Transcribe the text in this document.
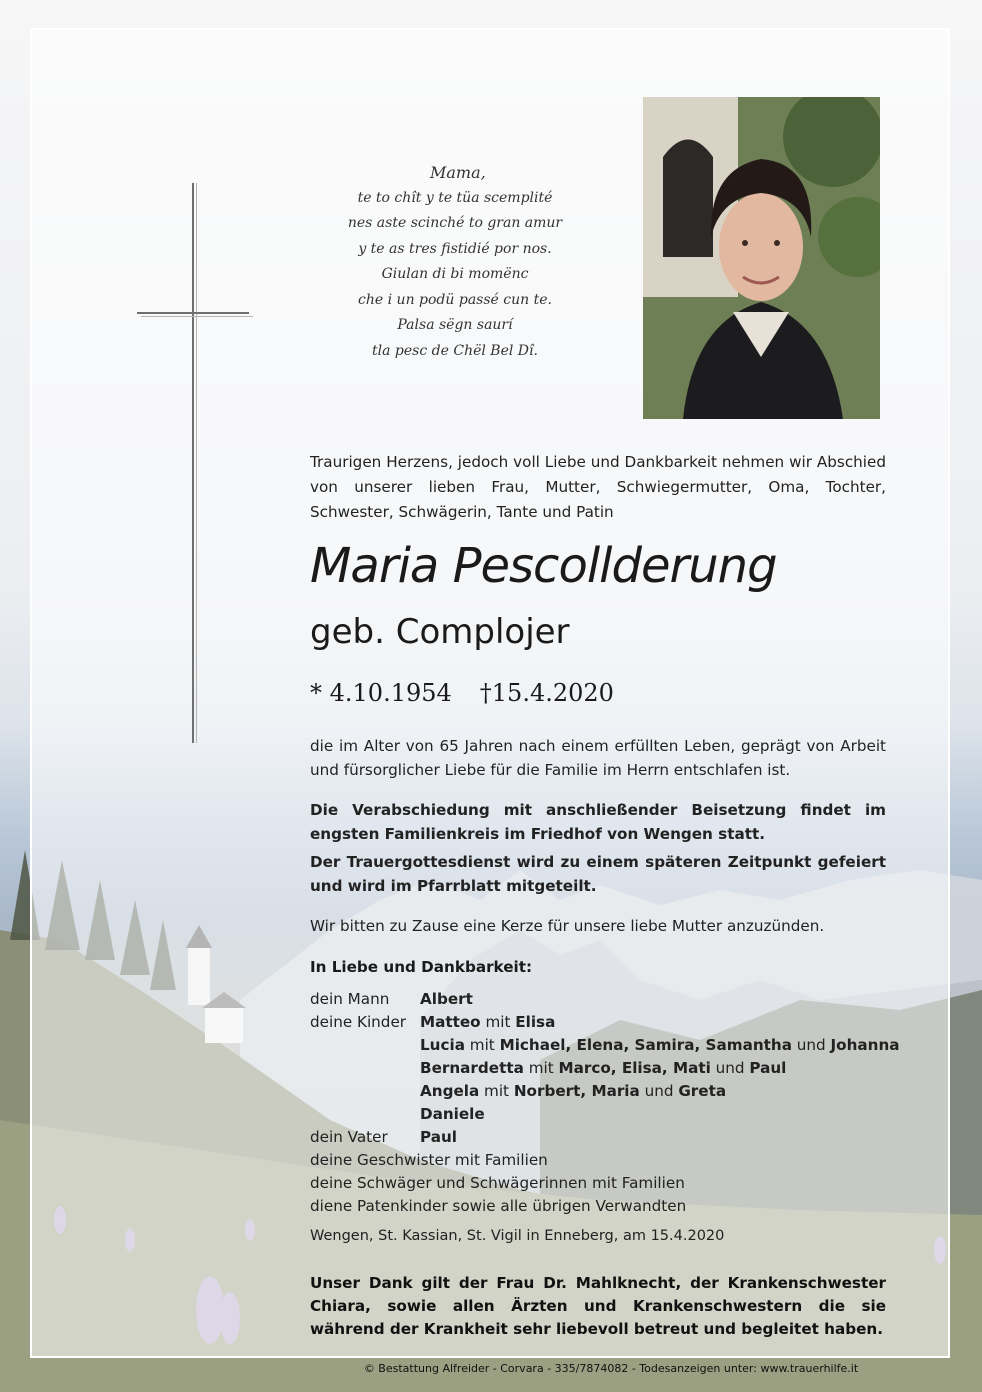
Mama,
te to chît y te tüa scemplité
nes aste scinché to gran amur
y te as tres fistidié por nos.
Giulan di bi momënc
che i un podü passé cun te.
Palsa sëgn saurí
tla pesc de Chël Bel Dî.
Traurigen Herzens, jedoch voll Liebe und Dankbarkeit nehmen wir Abschied von unserer lieben Frau, Mutter, Schwiegermutter, Oma, Tochter, Schwester, Schwägerin, Tante und Patin
Maria Pescollderung
geb. Complojer
* 4.10.1954 †15.4.2020
die im Alter von 65 Jahren nach einem erfüllten Leben, geprägt von Arbeit und fürsorglicher Liebe für die Familie im Herrn entschlafen ist.
Die Verabschiedung mit anschließender Beisetzung findet im engsten Familienkreis im Friedhof von Wengen statt.
Der Trauergottesdienst wird zu einem späteren Zeitpunkt gefeiert und wird im Pfarrblatt mitgeteilt.
Wir bitten zu Zause eine Kerze für unsere liebe Mutter anzuzünden.
In Liebe und Dankbarkeit:
dein Mann	Albert
deine Kinder Matteo mit Elisa
Lucia mit Michael, Elena, Samira, Samantha und Johanna
Bernardetta mit Marco, Elisa, Mati und Paul
Angela mit Norbert, Maria und Greta
Daniele
dein Vater	Paul
deine Geschwister mit Familien
deine Schwäger und Schwägerinnen mit Familien
diene Patenkinder sowie alle übrigen Verwandten
Wengen, St. Kassian, St. Vigil in Enneberg, am 15.4.2020
Unser Dank gilt der Frau Dr. Mahlknecht, der Krankenschwester Chiara, sowie allen Ärzten und Krankenschwestern die sie während der Krankheit sehr liebevoll betreut und begleitet haben.
© Bestattung Alfreider - Corvara - 335/7874082 - Todesanzeigen unter: www.trauerhilfe.it
